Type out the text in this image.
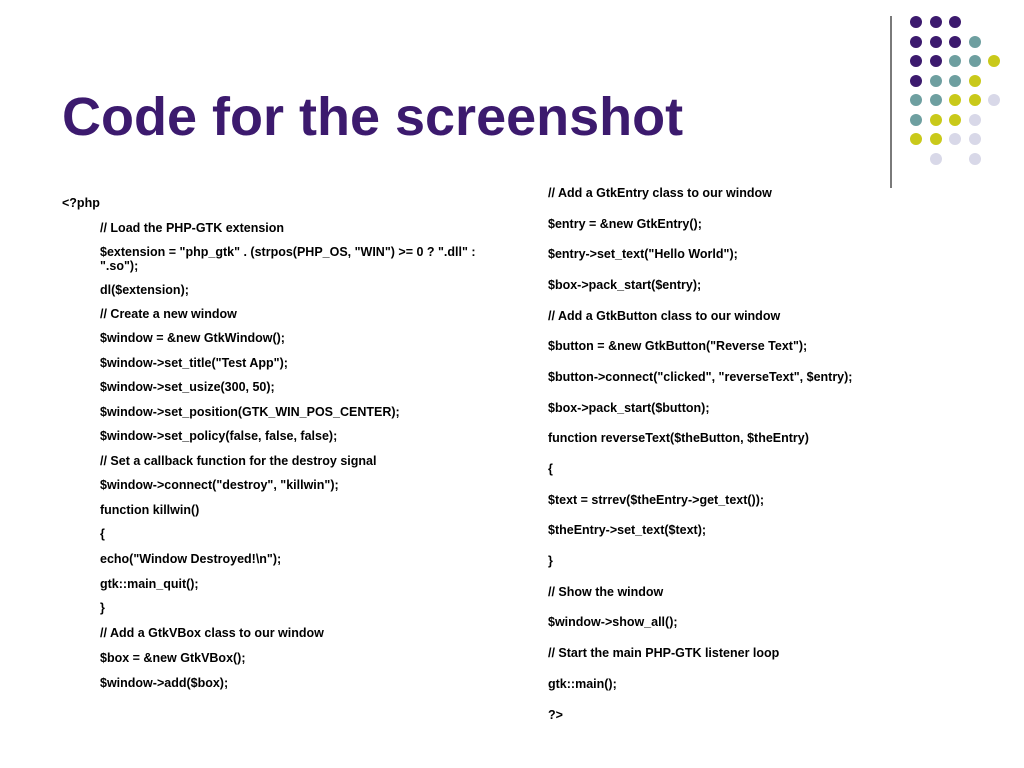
Code for the screenshot
<?php
// Load the PHP-GTK extension
$extension = "php_gtk" . (strpos(PHP_OS, "WIN") >= 0 ? ".dll" : ".so");
dl($extension);
// Create a new window
$window = &new GtkWindow();
$window->set_title("Test App");
$window->set_usize(300, 50);
$window->set_position(GTK_WIN_POS_CENTER);
$window->set_policy(false, false, false);
// Set a callback function for the destroy signal
$window->connect("destroy", "killwin");
function killwin()
{
echo("Window Destroyed!\n");
gtk::main_quit();
}
// Add a GtkVBox class to our window
$box = &new GtkVBox();
$window->add($box);
// Add a GtkEntry class to our window
$entry = &new GtkEntry();
$entry->set_text("Hello World");
$box->pack_start($entry);
// Add a GtkButton class to our window
$button = &new GtkButton("Reverse Text");
$button->connect("clicked", "reverseText", $entry);
$box->pack_start($button);
function reverseText($theButton, $theEntry)
{
$text = strrev($theEntry->get_text());
$theEntry->set_text($text);
}
// Show the window
$window->show_all();
// Start the main PHP-GTK listener loop
gtk::main();
?>
